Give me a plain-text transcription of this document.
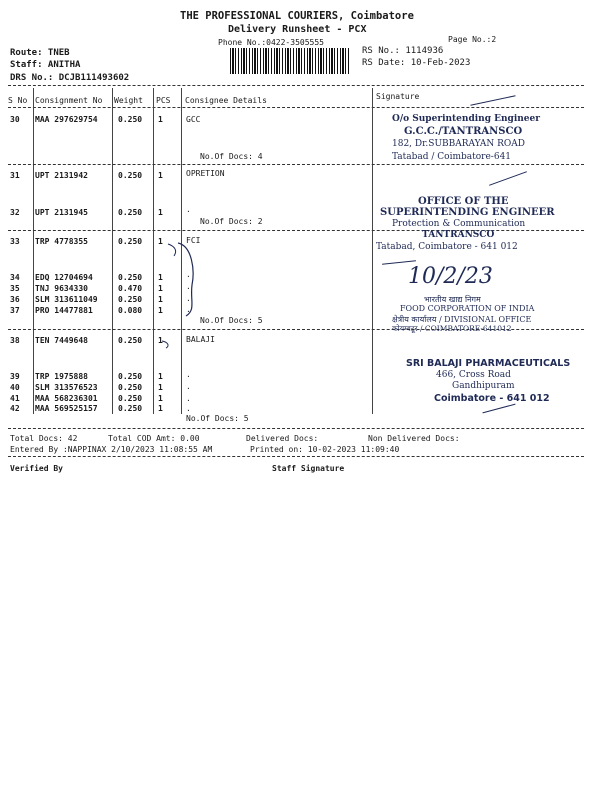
THE PROFESSIONAL COURIERS, Coimbatore
Delivery Runsheet - PCX
Phone No.:0422-3505555	Page No.:2
Route: TNEB
Staff: ANITHA
DRS No.: DCJB111493602
RS No.: 1114936
RS Date: 10-Feb-2023
S No Consignment No Weight PCS Consignee Details	Signature
30 MAA 297629754	0.250 1	GCC
No.Of Docs: 4
31 UPT 2131942	0.250 1	OPRETION
32 UPT 2131945	0.250 1	.
No.Of Docs: 2
33 TRP 4778355	0.250 1	FCI
34 EDQ 12704694	0.250 1	.
35 TNJ 9634330	0.470 1	.
36 SLM 313611049	0.250 1	.
37 PRO 14477881	0.080 1	.
No.Of Docs: 5
38 TEN 7449648	0.250 1	BALAJI
39 TRP 1975888	0.250 1	.
40 SLM 313576523	0.250 1	.
41 MAA 568236301	0.250 1	.
42 MAA 569525157	0.250 1	.
No.Of Docs: 5
O/o Superintending Engineer
G.C.C./TANTRANSCO
182, Dr.SUBBARAYAN ROAD
Tatabad / Coimbatore-641
OFFICE OF THE
SUPERINTENDING ENGINEER
Protection & Communication
TANTRANSCO
Tatabad, Coimbatore - 641 012
10/2/23
भारतीय खाद्य निगम
FOOD CORPORATION OF INDIA
क्षेत्रीय कार्यालय / DIVISIONAL OFFICE
कोयम्बटूर / COIMBATORE-641012
SRI BALAJI PHARMACEUTICALS
466, Cross Road
Gandhipuram
Coimbatore - 641 012
Total Docs: 42	Total COD Amt: 0.00	Delivered Docs:	Non Delivered Docs:
Entered By :NAPPINAX 2/10/2023 11:08:55 AM	Printed on: 10-02-2023 11:09:40
Verified By	Staff Signature
